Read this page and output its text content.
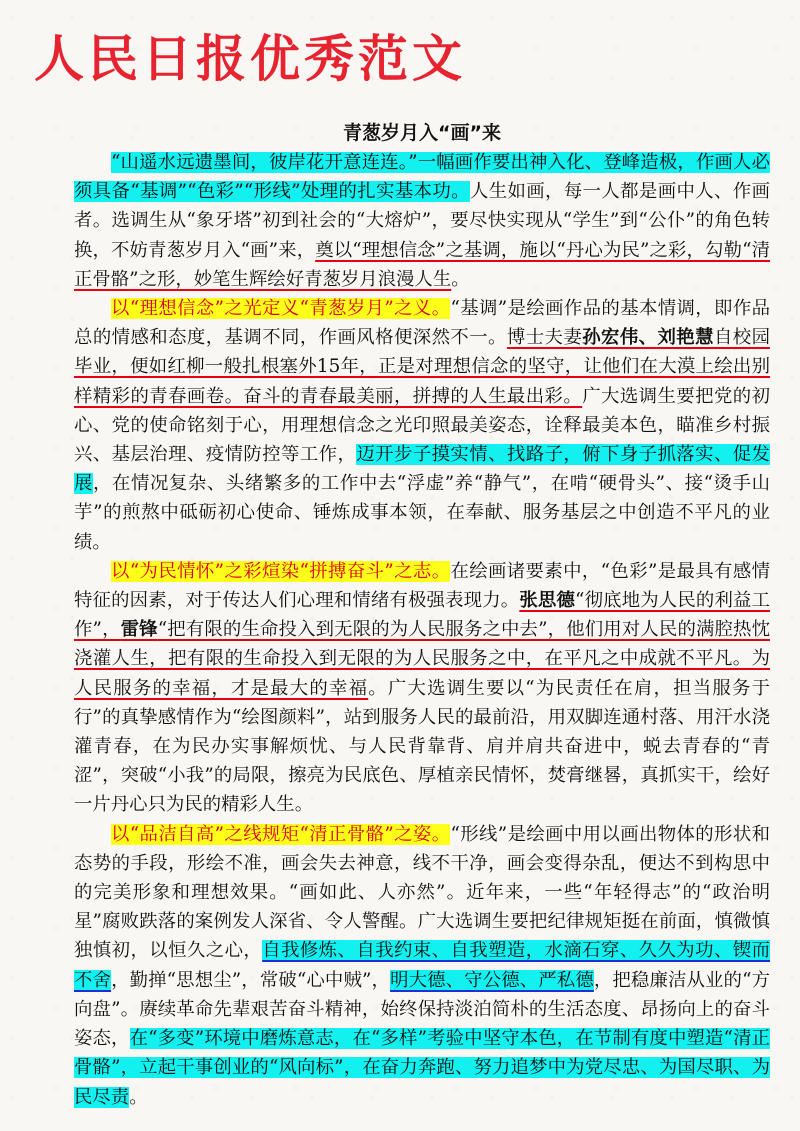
人民日报优秀范文
青葱岁月入“画”来

“山遥水远遗墨间，彼岸花开意连连。”一幅画作要出神入化、登峰造极，作画人必须具备“基调”“色彩”“形线”处理的扎实基本功。人生如画，每一人都是画中人、作画者。选调生从“象牙塔”初到社会的“大熔炉”，要尽快实现从“学生”到“公仆”的角色转换，不妨青葱岁月入“画”来，奠以“理想信念”之基调，施以“丹心为民”之彩，勾勒“清正骨骼”之形，妙笔生辉绘好青葱岁月浪漫人生。

以“理想信念”之光定义“青葱岁月”之义。“基调”是绘画作品的基本情调，即作品总的情感和态度，基调不同，作画风格便深然不一。博士夫妻孙宏伟、刘艳慧自校园毕业，便如红柳一般扎根塞外15年，正是对理想信念的坚守，让他们在大漠上绘出别样精彩的青春画卷。奋斗的青春最美丽，拼搏的人生最出彩。广大选调生要把党的初心、党的使命铭刻于心，用理想信念之光印照最美姿态，诠释最美本色，瞄准乡村振兴、基层治理、疫情防控等工作，迈开步子摸实情、找路子，俯下身子抓落实、促发展，在情况复杂、头绪繁多的工作中去“浮虚”养“静气”，在啃“硬骨头”、接“烫手山芋”的煎熬中砥砺初心使命、锤炼成事本领，在奉献、服务基层之中创造不平凡的业绩。

以“为民情怀”之彩煊染“拼搏奋斗”之志。在绘画诸要素中，“色彩”是最具有感情特征的因素，对于传达人们心理和情绪有极强表现力。张思德“彻底地为人民的利益工作”，雷锋“把有限的生命投入到无限的为人民服务之中去”，他们用对人民的满腔热忱浇灌人生，把有限的生命投入到无限的为人民服务之中，在平凡之中成就不平凡。为人民服务的幸福，才是最大的幸福。广大选调生要以“为民责任在肩，担当服务于行”的真挚感情作为“绘图颜料”，站到服务人民的最前沿，用双脚连通村落、用汗水浇灌青春，在为民办实事解烦忧、与人民背靠背、肩并肩共奋进中，蜕去青春的“青涩”，突破“小我”的局限，擦亮为民底色、厚植亲民情怀，焚膏继晷，真抓实干，绘好一片丹心只为民的精彩人生。

以“品洁自高”之线规矩“清正骨骼”之姿。“形线”是绘画中用以画出物体的形状和态势的手段，形绘不准，画会失去神意，线不干净，画会变得杂乱，便达不到构思中的完美形象和理想效果。“画如此、人亦然”。近年来，一些“年轻得志”的“政治明星”腐败跌落的案例发人深省、令人警醒。广大选调生要把纪律规矩挺在前面，慎微慎独慎初，以恒久之心，自我修炼、自我约束、自我塑造，水滴石穿、久久为功、锲而不舍，勤掸“思想尘”，常破“心中贼”，明大德、守公德、严私德，把稳廉洁从业的“方向盘”。赓续革命先辈艰苦奋斗精神，始终保持淡泊简朴的生活态度、昂扬向上的奋斗姿态，在“多变”环境中磨炼意志，在“多样”考验中坚守本色，在节制有度中塑造“清正骨骼”，立起干事创业的“风向标”，在奋力奔跑、努力追梦中为党尽忠、为国尽职、为民尽责。
